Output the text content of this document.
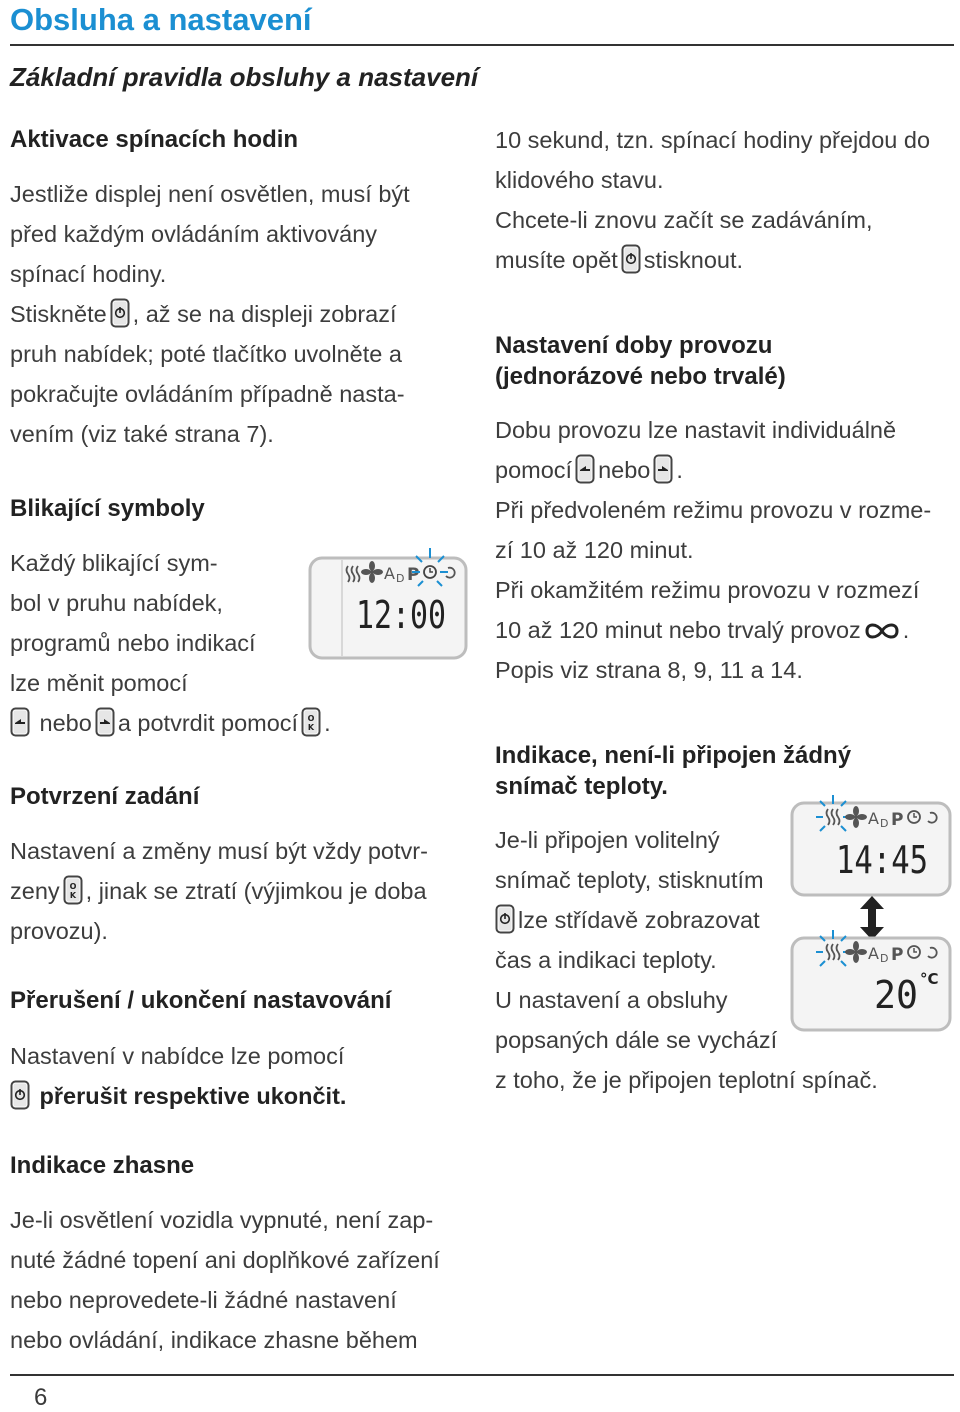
Obsluha a nastavení
Základní pravidla obsluhy a nastavení
Aktivace spínacích hodin
Jestliže displej není osvětlen, musí být
před každým ovládáním aktivovány
spínací hodiny.
Stiskněte , až se na displeji zobrazí
pruh nabídek; poté tlačítko uvolněte a
pokračujte ovládáním případně nasta-
vením (viz také strana 7).
Blikající symboly
Každý blikající sym-
bol v pruhu nabídek,
programů nebo indikací
lze měnit pomocí
nebo a potvrdit pomocí O
K .
A D P
12:00
Potvrzení zadání
Nastavení a změny musí být vždy potvr-
zeny O
K , jinak se ztratí (výjimkou je doba
provozu).
Přerušení / ukončení nastavování
Nastavení v nabídce lze pomocí
přerušit respektive ukončit.
Indikace zhasne
Je-li osvětlení vozidla vypnuté, není zap-
nuté žádné topení ani doplňkové zařízení
nebo neprovedete-li žádné nastavení
nebo ovládání, indikace zhasne během
10 sekund, tzn. spínací hodiny přejdou do
klidového stavu.
Chcete-li znovu začít se zadáváním,
musíte opět stisknout.
Nastavení doby provozu
(jednorázové nebo trvalé)
Dobu provozu lze nastavit individuálně
pomocí nebo .
Při předvoleném režimu provozu v rozme-
zí 10 až 120 minut.
Při okamžitém režimu provozu v rozmezí
10 až 120 minut nebo trvalý provoz .
Popis viz strana 8, 9, 11 a 14.
Indikace, není-li připojen žádný
snímač teploty.
Je-li připojen volitelný
snímač teploty, stisknutím
lze střídavě zobrazovat
čas a indikaci teploty.
U nastavení a obsluhy
popsaných dále se vychází
z toho, že je připojen teplotní spínač.
A D P
14:45
A D P
20 °C
6
